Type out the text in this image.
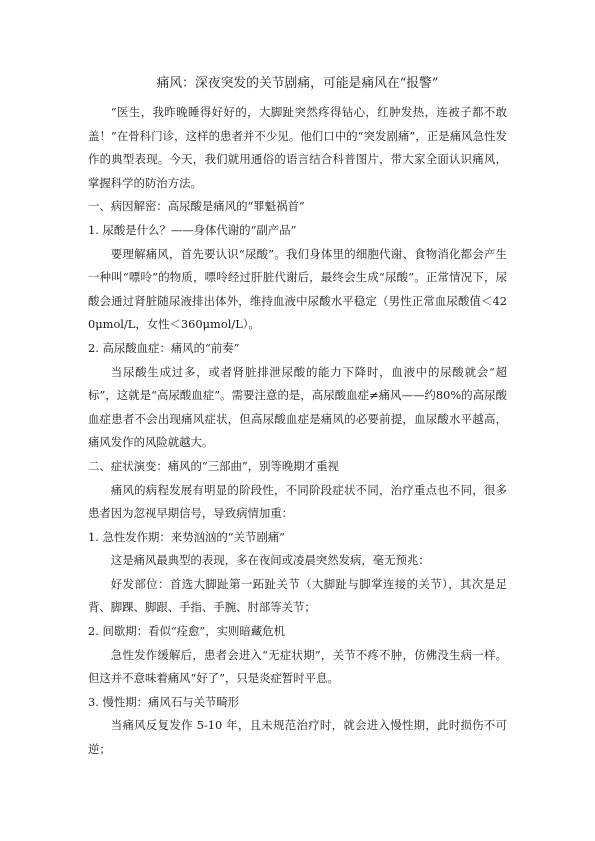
痛风：深夜突发的关节剧痛，可能是痛风在“报警”

“医生，我昨晚睡得好好的，大脚趾突然疼得钻心，红肿发热，连被子都不敢盖！”在骨科门诊，这样的患者并不少见。他们口中的“突发剧痛”，正是痛风急性发作的典型表现。今天，我们就用通俗的语言结合科普图片，带大家全面认识痛风，掌握科学的防治方法。

一、病因解密：高尿酸是痛风的“罪魁祸首”

1. 尿酸是什么？——身体代谢的“副产品”

要理解痛风，首先要认识“尿酸”。我们身体里的细胞代谢、食物消化都会产生一种叫“嘌呤”的物质，嘌呤经过肝脏代谢后，最终会生成“尿酸”。正常情况下，尿酸会通过肾脏随尿液排出体外，维持血液中尿酸水平稳定（男性正常血尿酸值＜420μmol/L，女性＜360μmol/L）。

2. 高尿酸血症：痛风的“前奏”

当尿酸生成过多，或者肾脏排泄尿酸的能力下降时，血液中的尿酸就会“超标”，这就是“高尿酸血症”。需要注意的是，高尿酸血症≠痛风——约80%的高尿酸血症患者不会出现痛风症状，但高尿酸血症是痛风的必要前提，血尿酸水平越高，痛风发作的风险就越大。

二、症状演变：痛风的“三部曲”，别等晚期才重视

痛风的病程发展有明显的阶段性，不同阶段症状不同，治疗重点也不同，很多患者因为忽视早期信号，导致病情加重：

1. 急性发作期：来势汹汹的“关节剧痛”

这是痛风最典型的表现，多在夜间或凌晨突然发病，毫无预兆：

好发部位：首选大脚趾第一跖趾关节（大脚趾与脚掌连接的关节），其次是足背、脚踝、脚跟、手指、手腕、肘部等关节；

2. 间歇期：看似“痊愈”，实则暗藏危机

急性发作缓解后，患者会进入“无症状期”，关节不疼不肿，仿佛没生病一样。但这并不意味着痛风“好了”，只是炎症暂时平息。

3. 慢性期：痛风石与关节畸形

当痛风反复发作 5-10 年，且未规范治疗时，就会进入慢性期，此时损伤不可逆；
